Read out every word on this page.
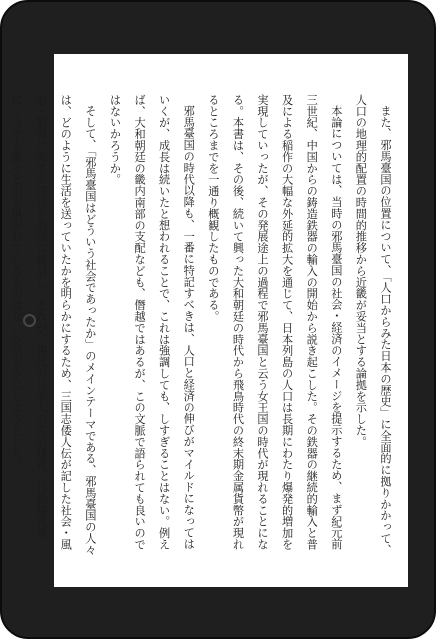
また、邪馬臺国の位置について、「人口からみた日本の歴史」に全面的に拠りかかって、人口の地理的配置の時間的推移から近畿が妥当とする論拠を示した。

本論については、当時の邪馬臺国の社会・経済のイメージを提示するため、まず紀元前三世紀、中国からの鋳造鉄器の輸入の開始から説き起こした。その鉄器の継続的輸入と普及による稲作の大幅な外延的拡大を通じて、日本列島の人口は長期にわたり爆発的増加を実現していったが、その発展途上の過程で邪馬臺国と云う女王国の時代が現れることになる。本書は、その後、続いて興った大和朝廷の時代から飛鳥時代の終末期金属貨幣が現れるところまでを一通り概観したものである。

邪馬臺国の時代以降も、一番に特記すべきは、人口と経済の伸びがマイルドになってはいくが、成長は続いたと想われることで、これは強調しても、しすぎることはない。例えば、大和朝廷の畿内南部の支配なども、僭越ではあるが、この文脈で語られても良いのではないかろうか。

そして、「邪馬臺国はどういう社会であったか」のメインテーマである、邪馬臺国の人々は、どのように生活を送っていたかを明らかにするため、三国志倭人伝が記した社会・風俗・慣習に関する項目を個別に検討し、それが、現代の日本人の生活様式、行動様式等に、今でも脈々と引き継がれているものはないか明らかにしようとした。
